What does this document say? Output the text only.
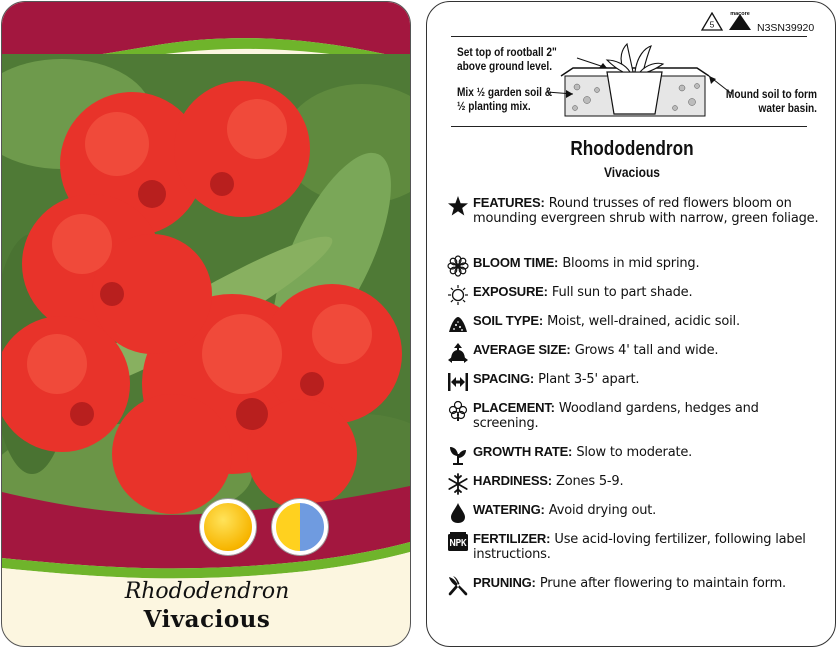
Rhododendron
Vivacious
5
macore
N3SN39920
Set top of rootball 2" above ground level.
Mix ½ garden soil & ½ planting mix.
Mound soil to form water basin.
Rhododendron
Vivacious
FEATURES: Round trusses of red flowers bloom on mounding evergreen shrub with narrow, green foliage.
BLOOM TIME: Blooms in mid spring.
EXPOSURE: Full sun to part shade.
SOIL TYPE: Moist, well-drained, acidic soil.
AVERAGE SIZE: Grows 4' tall and wide.
SPACING: Plant 3-5' apart.
PLACEMENT: Woodland gardens, hedges and screening.
GROWTH RATE: Slow to moderate.
HARDINESS: Zones 5-9.
WATERING: Avoid drying out.
FERTILIZER: Use acid-loving fertilizer, following label instructions.
PRUNING: Prune after flowering to maintain form.
